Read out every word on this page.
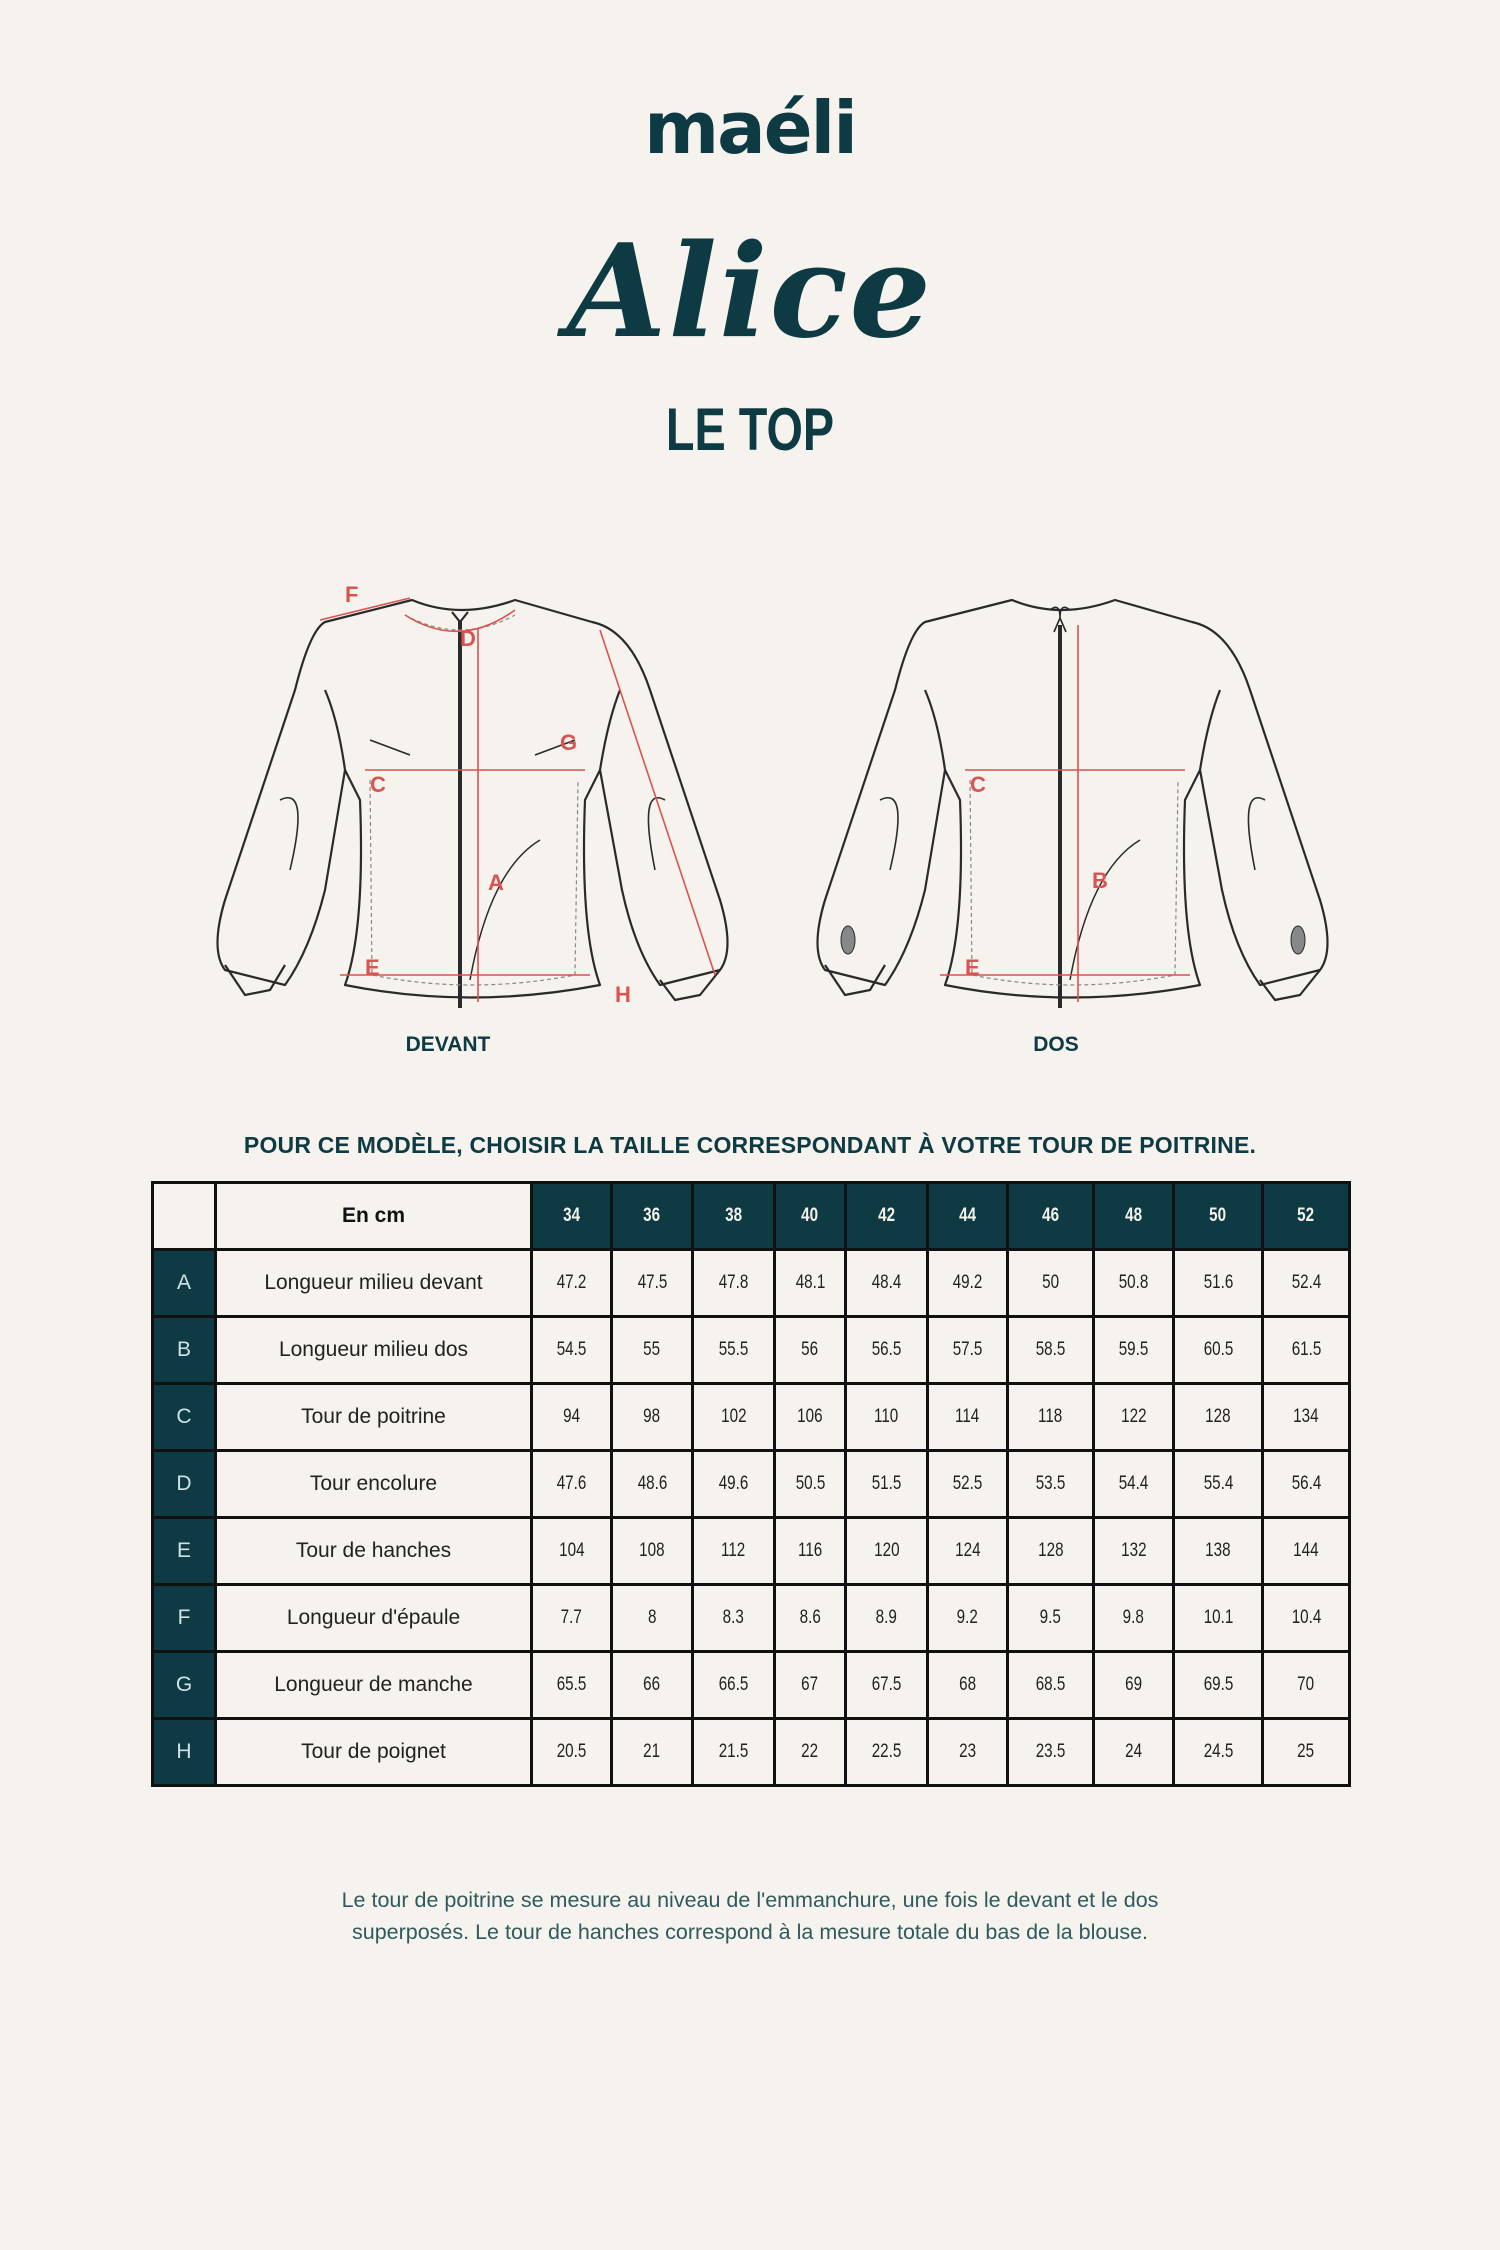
maéli
Alice
LE TOP
A
C
D
E
F
G
H
DEVANT
B
C
E
DOS
POUR CE MODÈLE, CHOISIR LA TAILLE CORRESPONDANT À VOTRE TOUR DE POITRINE.
	En cm	34	36	38	40	42	44	46	48	50	52
A	Longueur milieu devant	47.2	47.5	47.8	48.1	48.4	49.2	50	50.8	51.6	52.4
B	Longueur milieu dos	54.5	55	55.5	56	56.5	57.5	58.5	59.5	60.5	61.5
C	Tour de poitrine	94	98	102	106	110	114	118	122	128	134
D	Tour encolure	47.6	48.6	49.6	50.5	51.5	52.5	53.5	54.4	55.4	56.4
E	Tour de hanches	104	108	112	116	120	124	128	132	138	144
F	Longueur d'épaule	7.7	8	8.3	8.6	8.9	9.2	9.5	9.8	10.1	10.4
G	Longueur de manche	65.5	66	66.5	67	67.5	68	68.5	69	69.5	70
H	Tour de poignet	20.5	21	21.5	22	22.5	23	23.5	24	24.5	25
Le tour de poitrine se mesure au niveau de l'emmanchure, une fois le devant et le dos superposés. Le tour de hanches correspond à la mesure totale du bas de la blouse.
